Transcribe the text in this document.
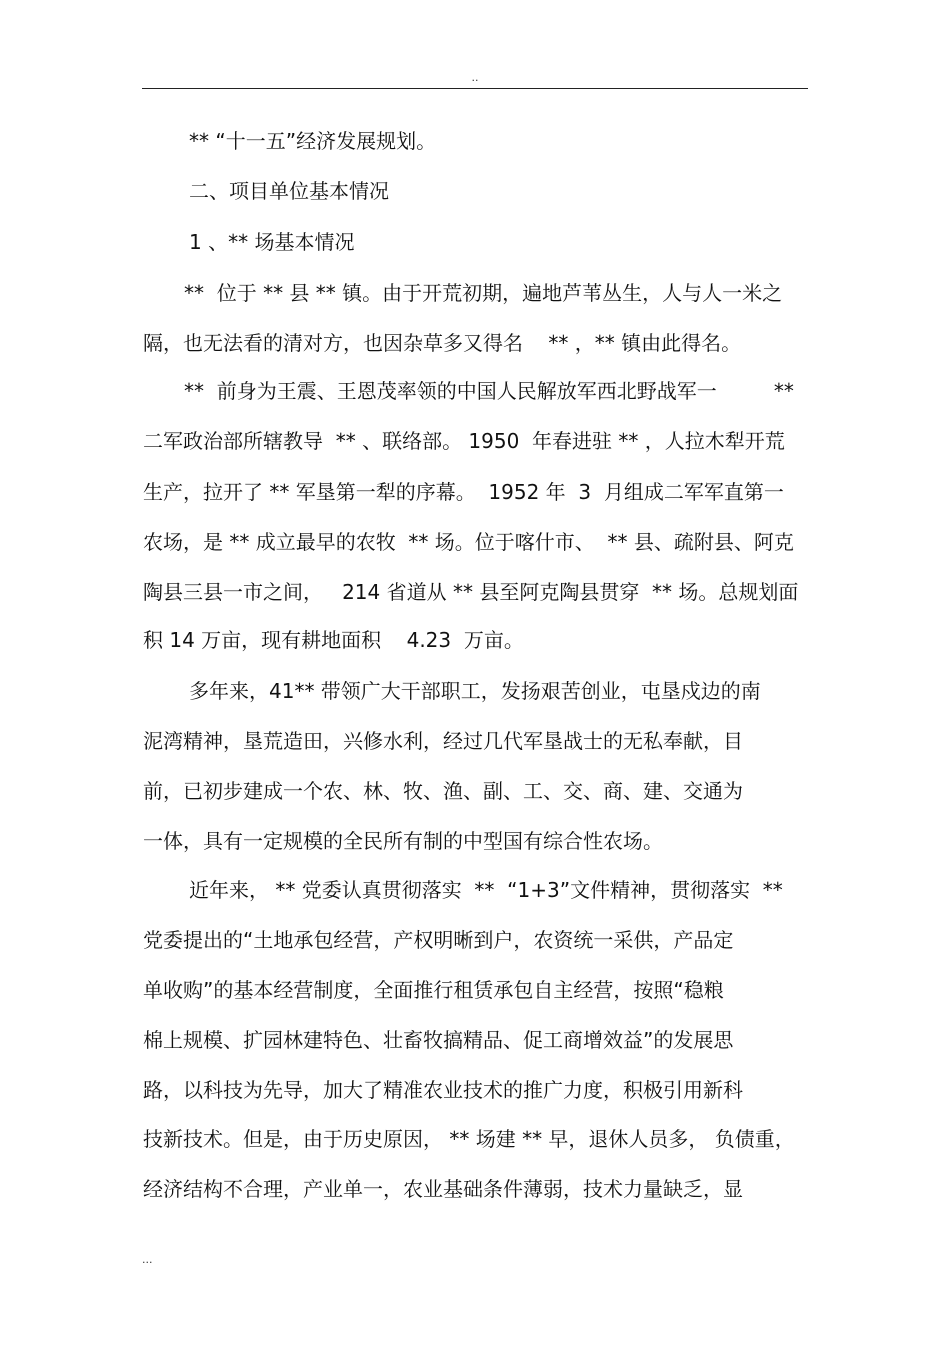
..
** “十一五”经济发展规划。
二、项目单位基本情况
1 、** 场基本情况
**  位于 ** 县 ** 镇。由于开荒初期，遍地芦苇丛生，人与人一米之
隔，也无法看的清对方，也因杂草多又得名    ** ，** 镇由此得名。
**  前身为王震、王恩茂率领的中国人民解放军西北野战军一         **
二军政治部所辖教导  ** 、联络部。 1950  年春进驻 ** ，人拉木犁开荒
生产，拉开了 ** 军垦第一犁的序幕。  1952 年  3  月组成二军军直第一
农场，是 ** 成立最早的农牧  ** 场。位于喀什市、  ** 县、疏附县、阿克
陶县三县一市之间，   214 省道从 ** 县至阿克陶县贯穿  ** 场。总规划面
积 14 万亩，现有耕地面积    4.23  万亩。
多年来，41** 带领广大干部职工，发扬艰苦创业，屯垦戍边的南
泥湾精神，垦荒造田，兴修水利，经过几代军垦战士的无私奉献，目
前，已初步建成一个农、林、牧、渔、副、工、交、商、建、交通为
一体，具有一定规模的全民所有制的中型国有综合性农场。
近年来， ** 党委认真贯彻落实  **  “1+3”文件精神，贯彻落实  **
党委提出的“土地承包经营，产权明晰到户，农资统一采供，产品定
单收购”的基本经营制度，全面推行租赁承包自主经营，按照“稳粮
棉上规模、扩园林建特色、壮畜牧搞精品、促工商增效益”的发展思
路，以科技为先导，加大了精准农业技术的推广力度，积极引用新科
技新技术。但是，由于历史原因， ** 场建 ** 早，退休人员多， 负债重，
经济结构不合理，产业单一，农业基础条件薄弱，技术力量缺乏，显
...
